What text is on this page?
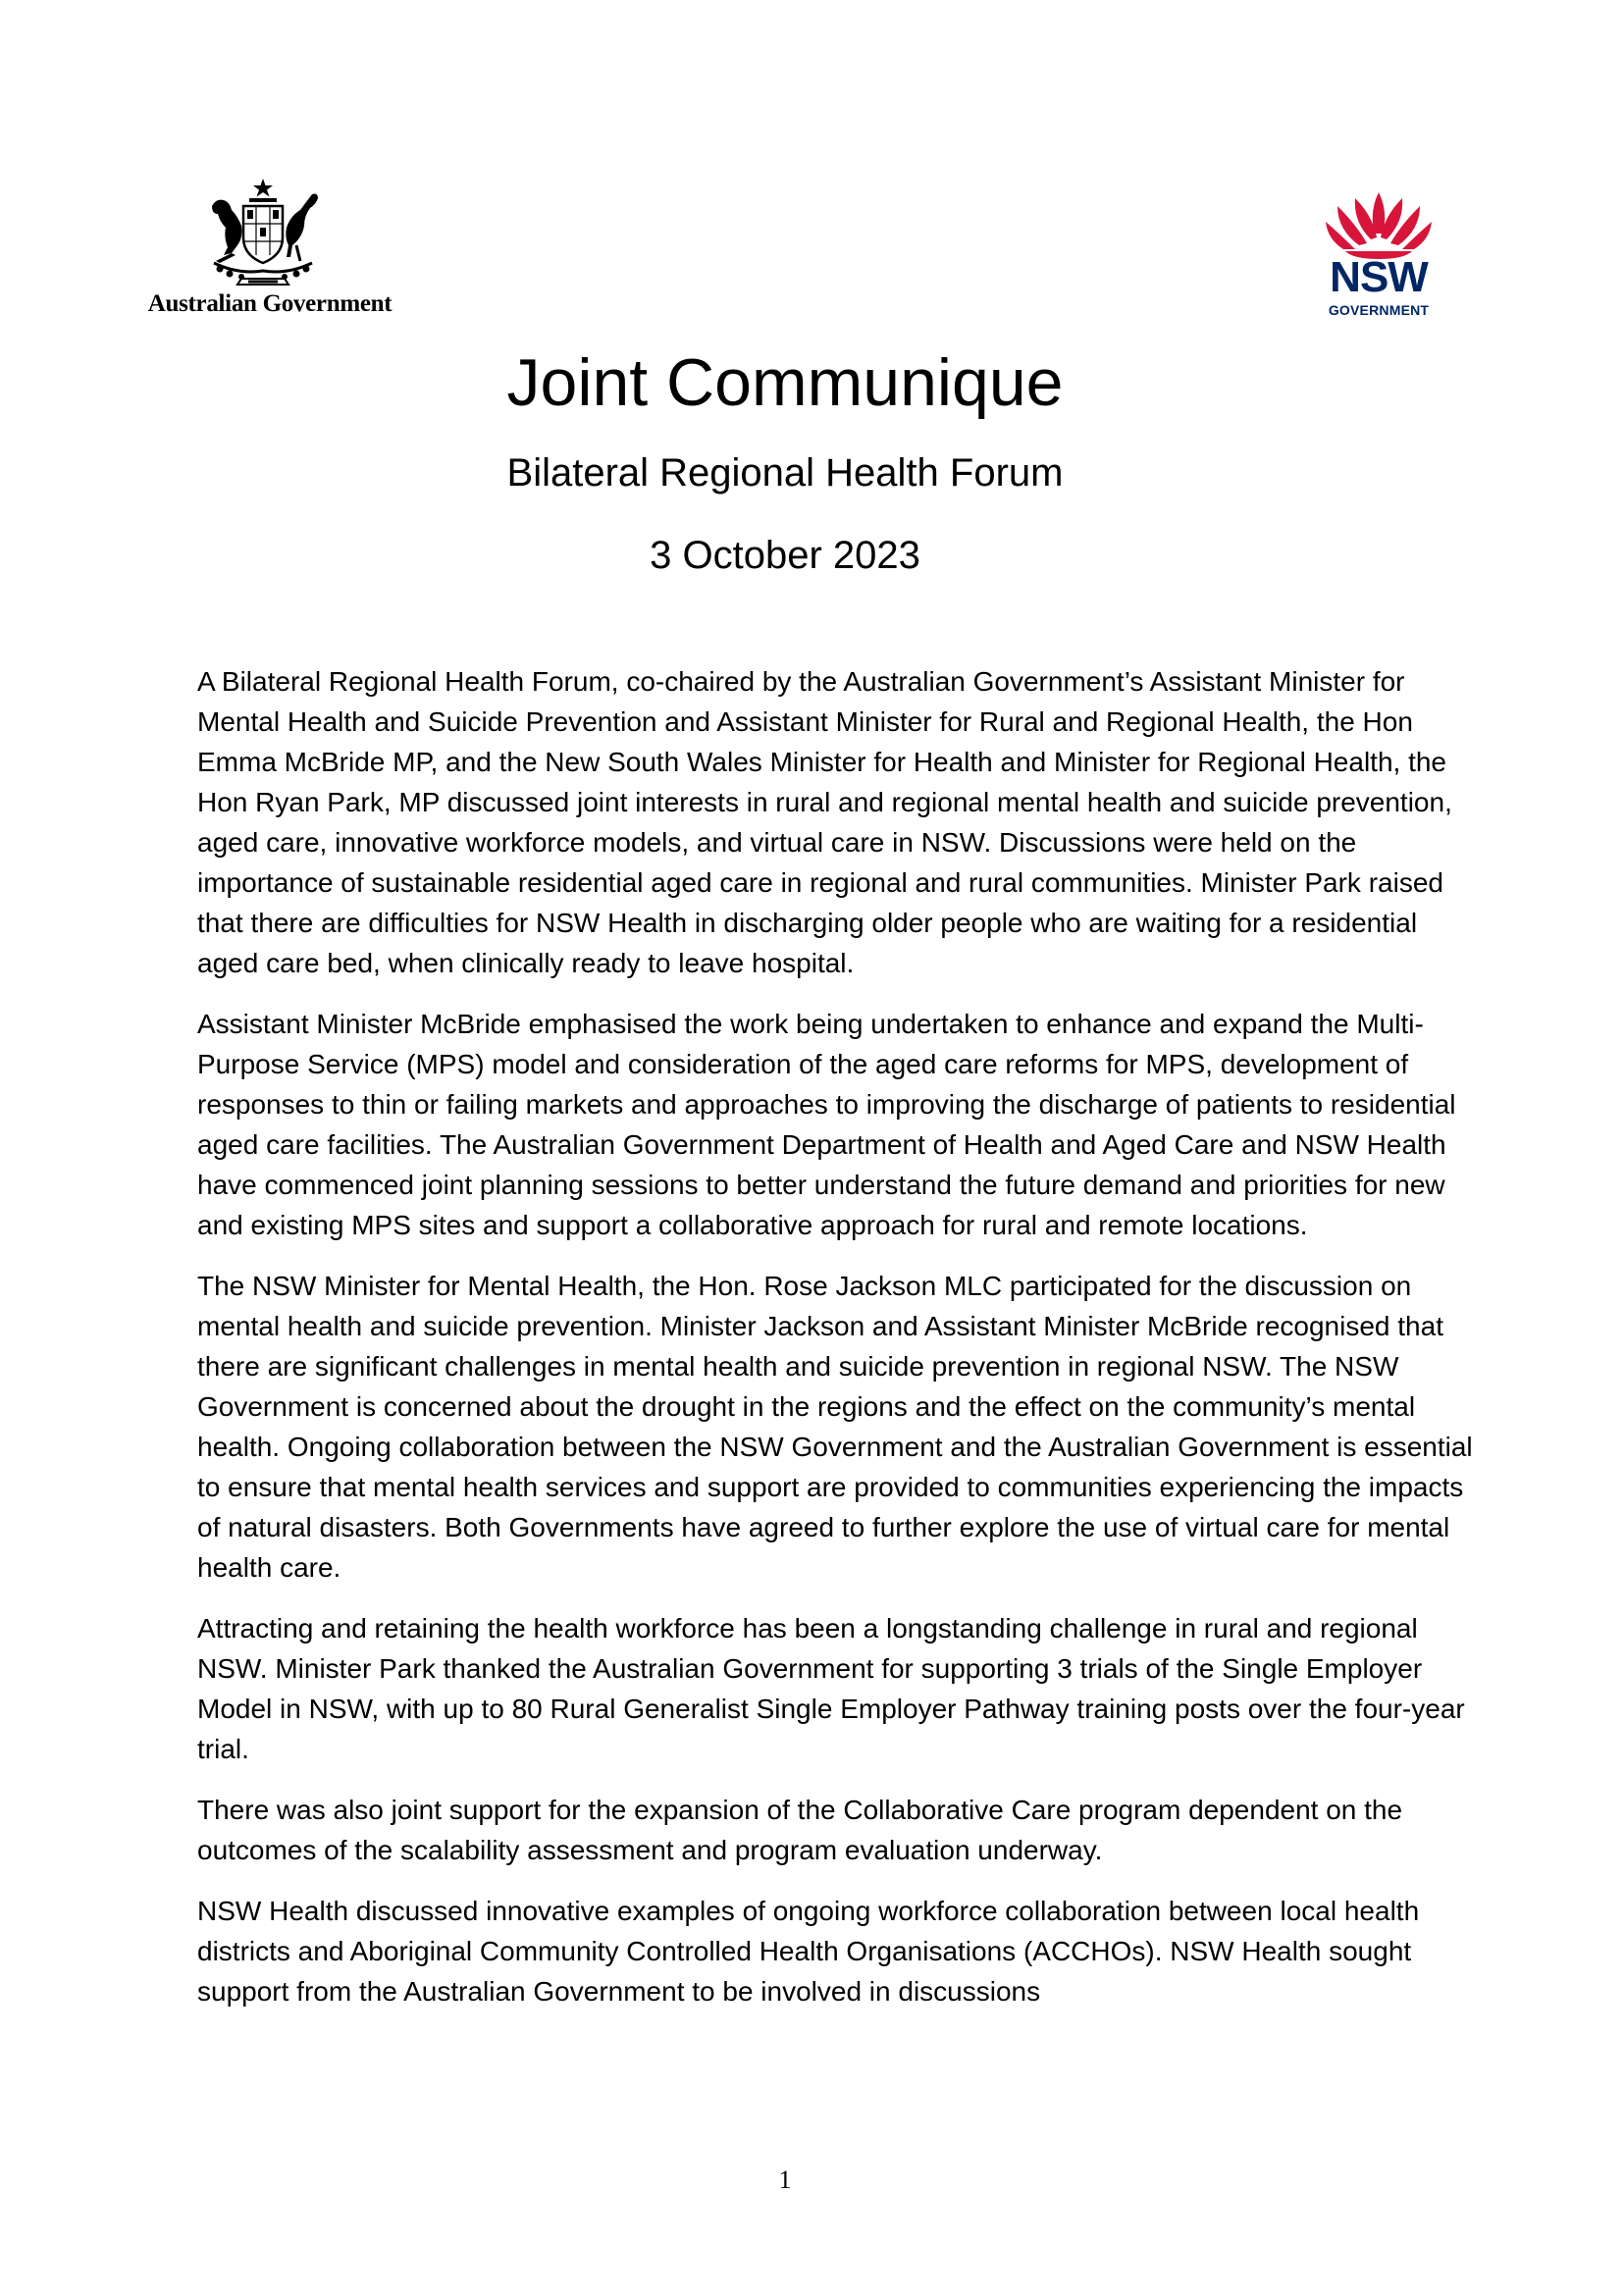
Australian Government
NSW
GOVERNMENT
Joint Communique
Bilateral Regional Health Forum
3 October 2023

A Bilateral Regional Health Forum, co-chaired by the Australian Government’s Assistant Minister for Mental Health and Suicide Prevention and Assistant Minister for Rural and Regional Health, the Hon Emma McBride MP, and the New South Wales Minister for Health and Minister for Regional Health, the Hon Ryan Park, MP discussed joint interests in rural and regional mental health and suicide prevention, aged care, innovative workforce models, and virtual care in NSW. Discussions were held on the importance of sustainable residential aged care in regional and rural communities. Minister Park raised that there are difficulties for NSW Health in discharging older people who are waiting for a residential aged care bed, when clinically ready to leave hospital.

Assistant Minister McBride emphasised the work being undertaken to enhance and expand the Multi-Purpose Service (MPS) model and consideration of the aged care reforms for MPS, development of responses to thin or failing markets and approaches to improving the discharge of patients to residential aged care facilities. The Australian Government Department of Health and Aged Care and NSW Health have commenced joint planning sessions to better understand the future demand and priorities for new and existing MPS sites and support a collaborative approach for rural and remote locations.

The NSW Minister for Mental Health, the Hon. Rose Jackson MLC participated for the discussion on mental health and suicide prevention. Minister Jackson and Assistant Minister McBride recognised that there are significant challenges in mental health and suicide prevention in regional NSW. The NSW Government is concerned about the drought in the regions and the effect on the community’s mental health. Ongoing collaboration between the NSW Government and the Australian Government is essential to ensure that mental health services and support are provided to communities experiencing the impacts of natural disasters. Both Governments have agreed to further explore the use of virtual care for mental health care.

Attracting and retaining the health workforce has been a longstanding challenge in rural and regional NSW. Minister Park thanked the Australian Government for supporting 3 trials of the Single Employer Model in NSW, with up to 80 Rural Generalist Single Employer Pathway training posts over the four-year trial.

There was also joint support for the expansion of the Collaborative Care program dependent on the outcomes of the scalability assessment and program evaluation underway.

NSW Health discussed innovative examples of ongoing workforce collaboration between local health districts and Aboriginal Community Controlled Health Organisations (ACCHOs). NSW Health sought support from the Australian Government to be involved in discussions

1
